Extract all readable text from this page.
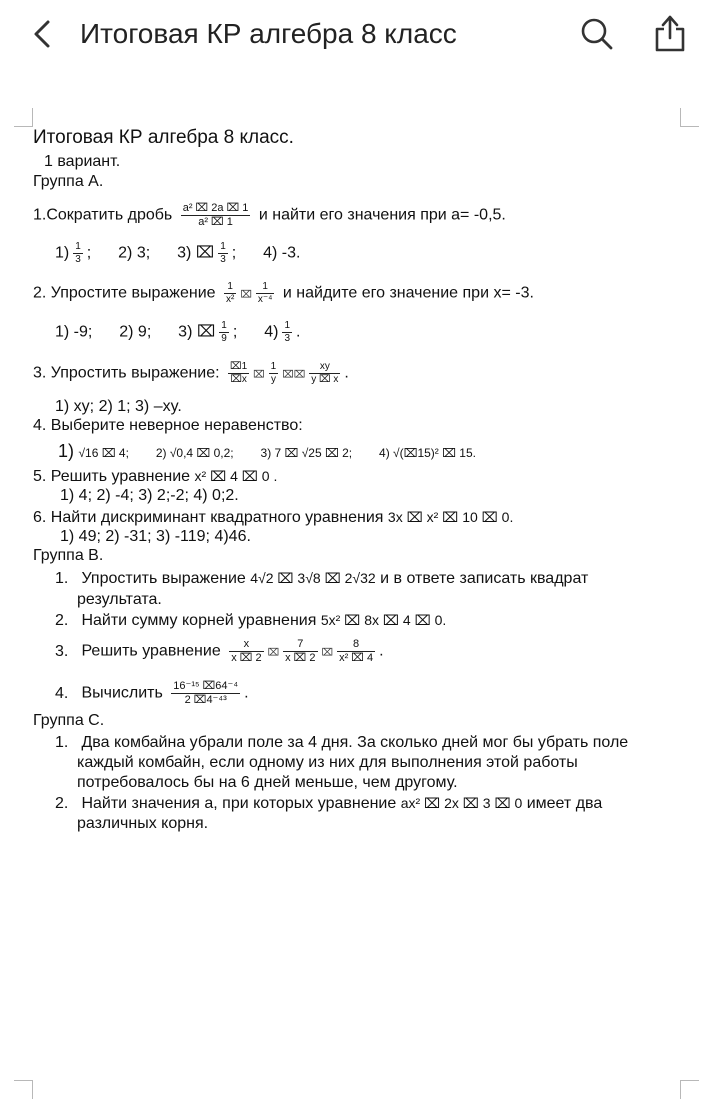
Итоговая КР алгебра 8 класс
Итоговая КР алгебра 8 класс.
1 вариант.
Группа А.
1.Сократить дробь $\frac{\text{a² ⌧ 2a ⌧ 1}}{\text{a² ⌧ 1}}$ и найти его значения при а= -0,5.
$1) \frac{1}{3}$ ; 2) 3; 3) ⌧ $\frac{1}{3}$ ; 4) -3.
2. Упростите выражение $\frac{1}{\text{x²}}$ ⌧ $\frac{1}{\text{x⁻⁴}}$ и найдите его значение при х= -3.
1) -9; 2) 9; 3) ⌧ $\frac{1}{9}$ ; $4) \frac{1}{3}$ .
3. Упростить выражение: $\frac{⌧1}{⌧x}$ ⌧ $\frac{1}{y}$ ⌧⌧ $\frac{xy}{y ⌧ x}$ .
1) xy; 2) 1; 3) –xy.
4. Выберите неверное неравенство:
1) √16 ⌧ 4; 2) √0,4 ⌧ 0,2; 3) 7 ⌧ √25 ⌧ 2; 4) √(⌧15)² ⌧ 15.
5. Решить уравнение x² ⌧ 4 ⌧ 0 .
1) 4; 2) -4; 3) 2;-2; 4) 0;2.
6. Найти дискриминант квадратного уравнения 3x ⌧ x² ⌧ 10 ⌧ 0.
1) 49; 2) -31; 3) -119; 4)46.
Группа В.
1. Упростить выражение 4√2 ⌧ 3√8 ⌧ 2√32 и в ответе записать квадрат
результата.
2. Найти сумму корней уравнения 5x² ⌧ 8x ⌧ 4 ⌧ 0.
3. Решить уравнение $\frac{x}{x ⌧ 2}$ ⌧ $\frac{7}{x ⌧ 2}$ ⌧ $\frac{8}{\text{x² ⌧ 4}}$ .
4. Вычислить $\frac{\text{16⁻¹⁵ ⌧64⁻⁴}}{\text{2 ⌧4⁻⁴³}}$ .
Группа С.
1. Два комбайна убрали поле за 4 дня. За сколько дней мог бы убрать поле
каждый комбайн, если одному из них для выполнения этой работы
потребовалось бы на 6 дней меньше, чем другому.
2. Найти значения а, при которых уравнение ax² ⌧ 2x ⌧ 3 ⌧ 0 имеет два
различных корня.
